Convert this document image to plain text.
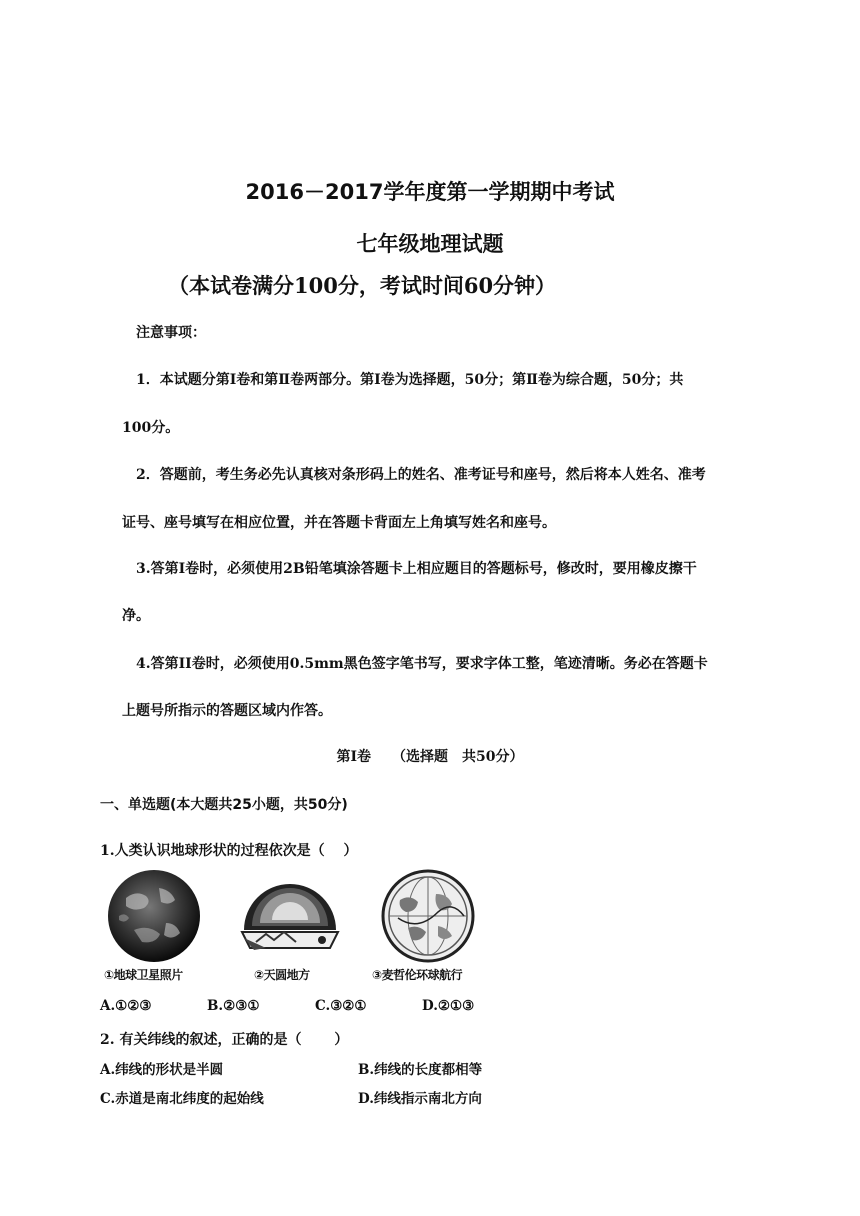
2016－2017学年度第一学期期中考试
七年级地理试题
（本试卷满分100分，考试时间60分钟）
注意事项：
1．本试题分第Ⅰ卷和第Ⅱ卷两部分。第Ⅰ卷为选择题，50分；第Ⅱ卷为综合题，50分；共
100分。
2．答题前，考生务必先认真核对条形码上的姓名、准考证号和座号，然后将本人姓名、准考
证号、座号填写在相应位置，并在答题卡背面左上角填写姓名和座号。
3.答第Ⅰ卷时，必须使用2B铅笔填涂答题卡上相应题目的答题标号，修改时，要用橡皮擦干
净。
4.答第II卷时，必须使用0.5mm黑色签字笔书写，要求字体工整，笔迹清晰。务必在答题卡
上题号所指示的答题区域内作答。
第Ⅰ卷　　（选择题　共50分）
一、单选题(本大题共25小题，共50分)
1.人类认识地球形状的过程依次是（　 ）
①地球卫星照片	②天圆地方	③麦哲伦环球航行
A.①②③	B.②③①	C.③②①	D.②①③
2. 有关纬线的叙述，正确的是（　　 ）
A.纬线的形状是半圆	B.纬线的长度都相等
C.赤道是南北纬度的起始线	D.纬线指示南北方向
